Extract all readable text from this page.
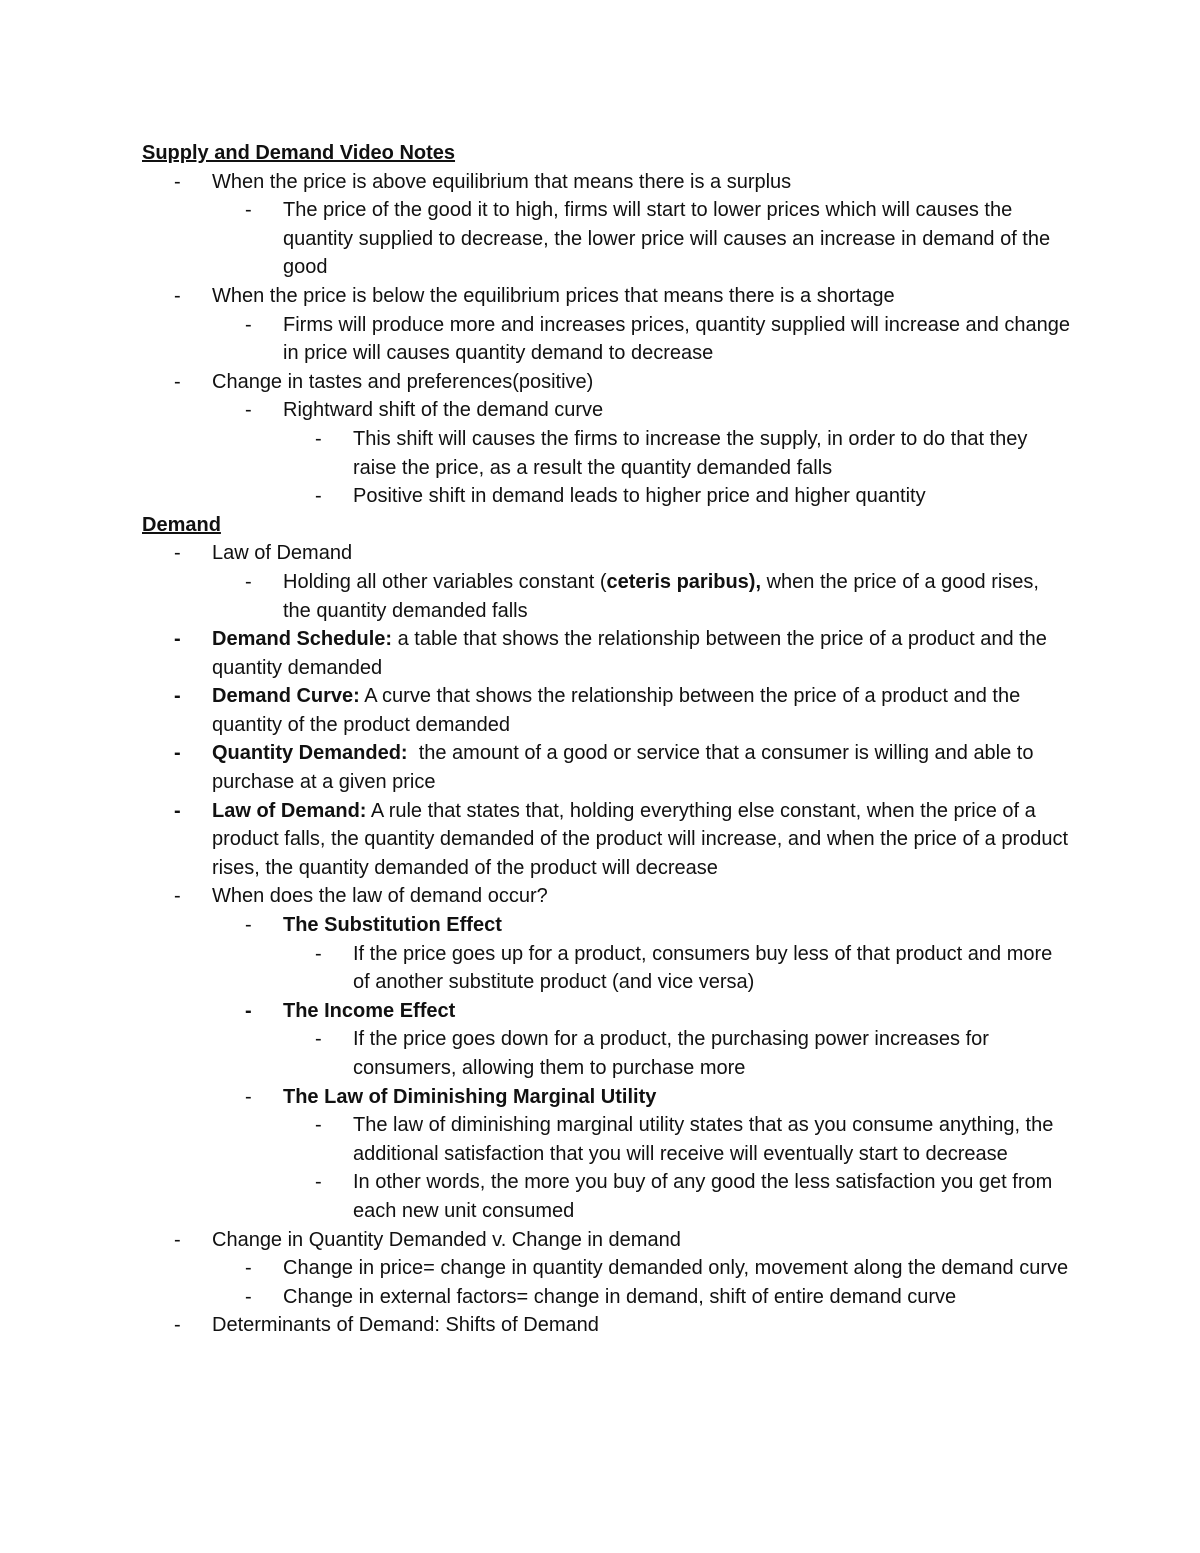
Supply and Demand Video Notes
-	When the price is above equilibrium that means there is a surplus
-	The price of the good it to high, firms will start to lower prices which will causes the quantity supplied to decrease, the lower price will causes an increase in demand of the good
-	When the price is below the equilibrium prices that means there is a shortage
-	Firms will produce more and increases prices, quantity supplied will increase and change in price will causes quantity demand to decrease
-	Change in tastes and preferences(positive)
-	Rightward shift of the demand curve
-	This shift will causes the firms to increase the supply, in order to do that they raise the price, as a result the quantity demanded falls
-	Positive shift in demand leads to higher price and higher quantity
Demand
-	Law of Demand
-	Holding all other variables constant (ceteris paribus), when the price of a good rises, the quantity demanded falls
-	Demand Schedule: a table that shows the relationship between the price of a product and the quantity demanded
-	Demand Curve: A curve that shows the relationship between the price of a product and the quantity of the product demanded
-	Quantity Demanded:  the amount of a good or service that a consumer is willing and able to purchase at a given price
-	Law of Demand: A rule that states that, holding everything else constant, when the price of a product falls, the quantity demanded of the product will increase, and when the price of a product rises, the quantity demanded of the product will decrease
-	When does the law of demand occur?
-	The Substitution Effect
-	If the price goes up for a product, consumers buy less of that product and more of another substitute product (and vice versa)
-	The Income Effect
-	If the price goes down for a product, the purchasing power increases for consumers, allowing them to purchase more
-	The Law of Diminishing Marginal Utility
-	The law of diminishing marginal utility states that as you consume anything, the additional satisfaction that you will receive will eventually start to decrease
-	In other words, the more you buy of any good the less satisfaction you get from each new unit consumed
-	Change in Quantity Demanded v. Change in demand
-	Change in price= change in quantity demanded only, movement along the demand curve
-	Change in external factors= change in demand, shift of entire demand curve
-	Determinants of Demand: Shifts of Demand
